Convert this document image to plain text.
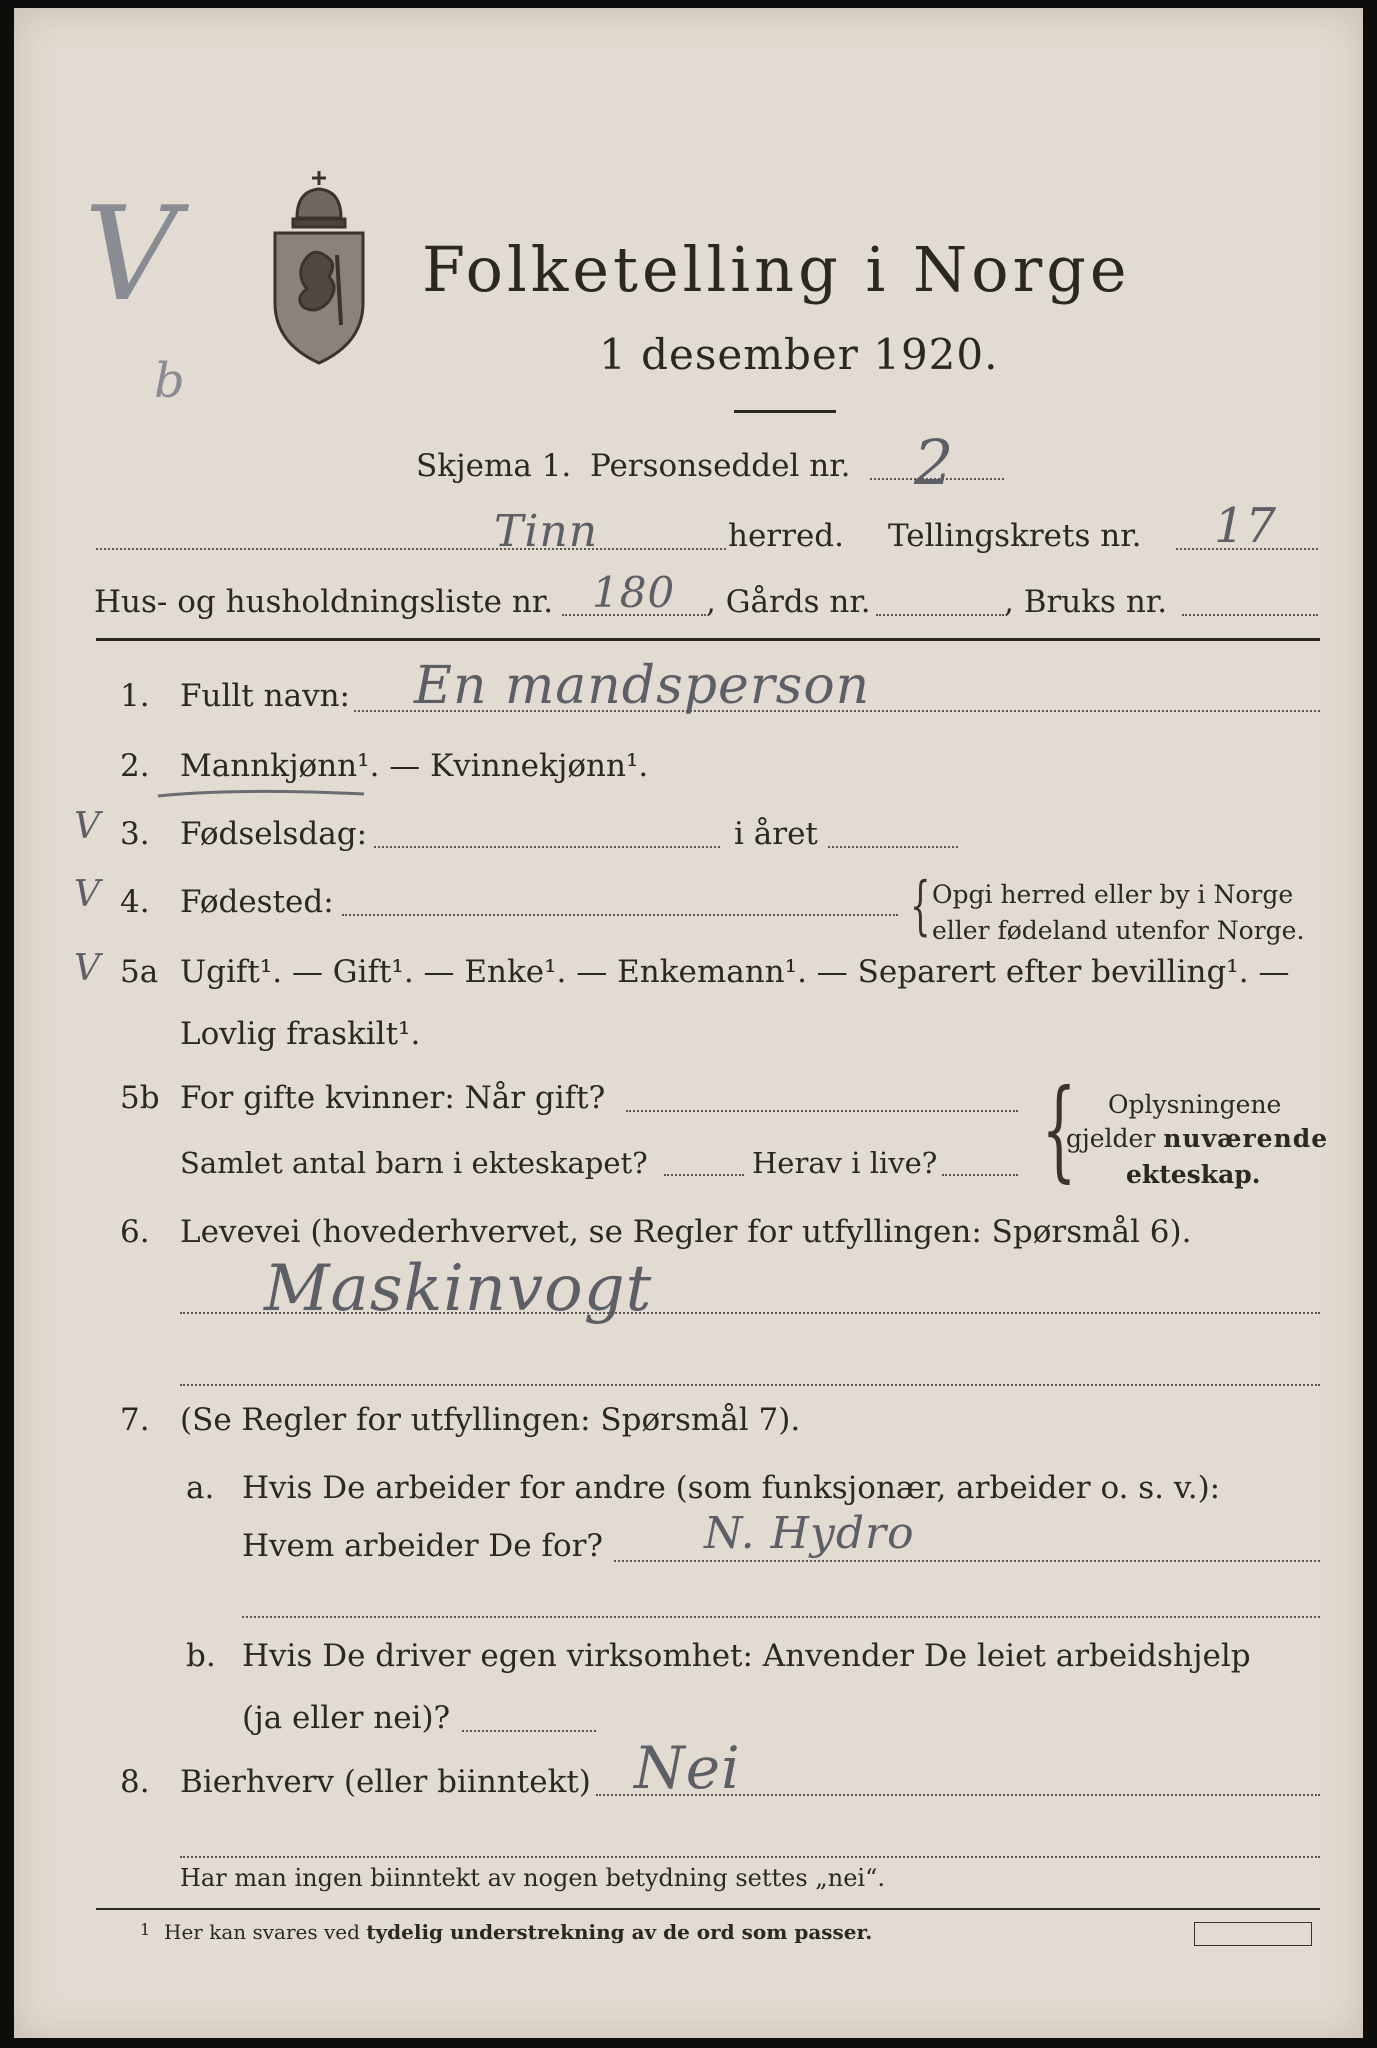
V
b
Folketelling i Norge
1 desember 1920.
Skjema 1. Personseddel nr. 2
Tinn	herred. Tellingskrets nr. 17
Hus- og husholdningsliste nr. 180 , Gårds nr.	, Bruks nr.
1. Fullt navn: En mandsperson
2. Mannkjønn¹. — Kvinnekjønn¹.
V 3. Fødselsdag:	i året
V 4. Fødested:	{ Opgi herred eller by i Norge
eller fødeland utenfor Norge.
V 5a Ugift¹. — Gift¹. — Enke¹. — Enkemann¹. — Separert efter bevilling¹. —
Lovlig fraskilt¹.
5b For gifte kvinner: Når gift?
Samlet antal barn i ekteskapet?	Herav i live? { Oplysningene
gjelder nuværende
ekteskap.
6. Levevei (hovederhvervet, se Regler for utfyllingen: Spørsmål 6).
Maskinvogt
7. (Se Regler for utfyllingen: Spørsmål 7).
a. Hvis De arbeider for andre (som funksjonær, arbeider o. s. v.):
Hvem arbeider De for? N. Hydro
b. Hvis De driver egen virksomhet: Anvender De leiet arbeidshjelp
(ja eller nei)?
8. Bierhverv (eller biinntekt) Nei
Har man ingen biinntekt av nogen betydning settes „nei“.
1 Her kan svares ved tydelig understrekning av de ord som passer.
